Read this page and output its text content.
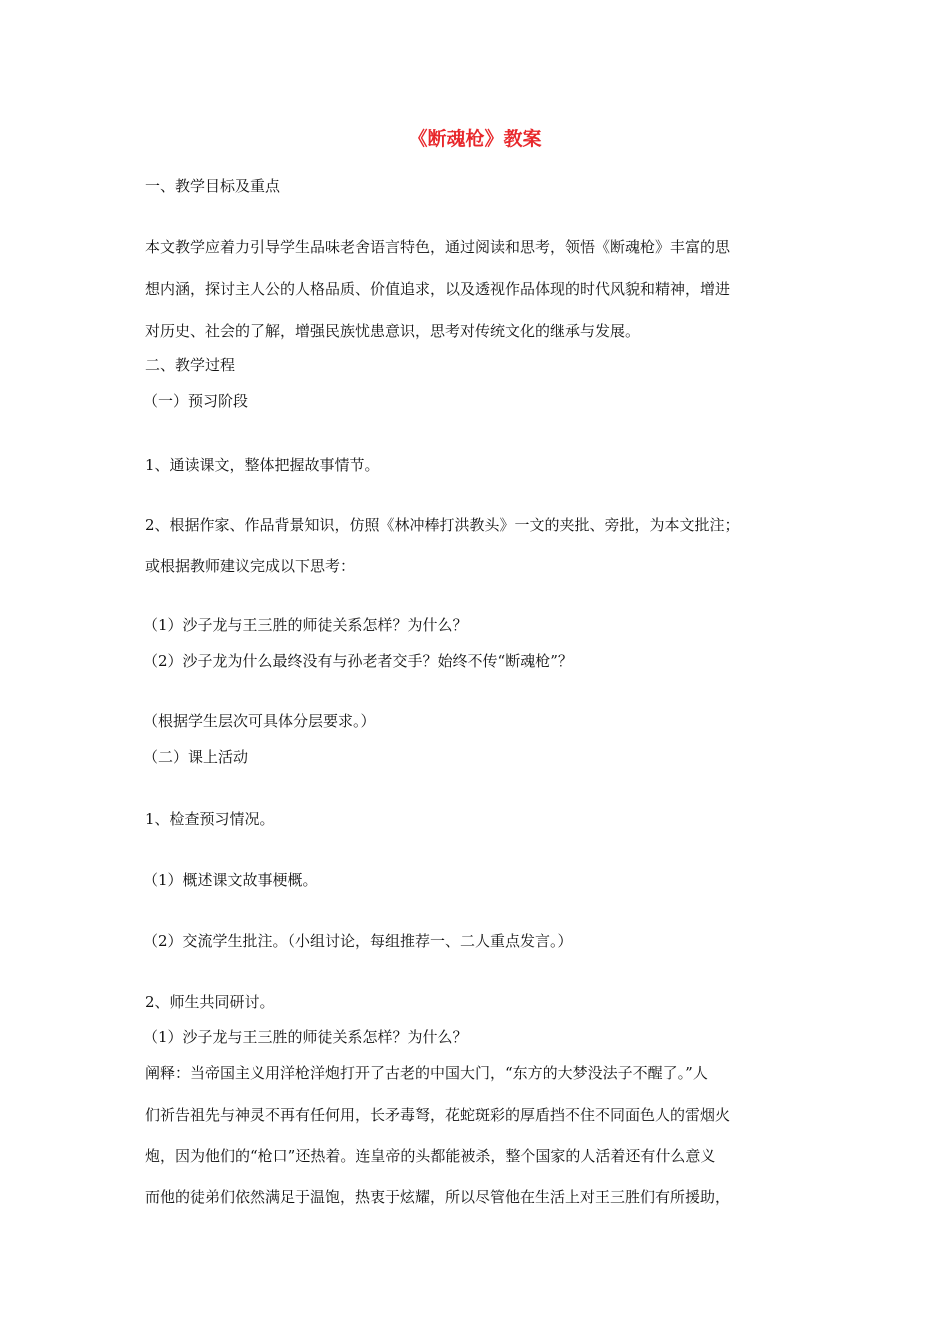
《断魂枪》教案
一、教学目标及重点
本文教学应着力引导学生品味老舍语言特色，通过阅读和思考，领悟《断魂枪》丰富的思
想内涵，探讨主人公的人格品质、价值追求，以及透视作品体现的时代风貌和精神，增进
对历史、社会的了解，增强民族忧患意识，思考对传统文化的继承与发展。
二、教学过程
（一）预习阶段
1、通读课文，整体把握故事情节。
2、根据作家、作品背景知识，仿照《林冲棒打洪教头》一文的夹批、旁批，为本文批注；
或根据教师建议完成以下思考：
（1）沙子龙与王三胜的师徒关系怎样？为什么？
（2）沙子龙为什么最终没有与孙老者交手？始终不传“断魂枪”？
（根据学生层次可具体分层要求。）
（二）课上活动
1、检查预习情况。
（1）概述课文故事梗概。
（2）交流学生批注。（小组讨论，每组推荐一、二人重点发言。）
2、师生共同研讨。
（1）沙子龙与王三胜的师徒关系怎样？为什么？
阐释：当帝国主义用洋枪洋炮打开了古老的中国大门，“东方的大梦没法子不醒了。”人
们祈告祖先与神灵不再有任何用，长矛毒弩，花蛇斑彩的厚盾挡不住不同面色人的雷烟火
炮，因为他们的“枪口”还热着。连皇帝的头都能被杀，整个国家的人活着还有什么意义
而他的徒弟们依然满足于温饱，热衷于炫耀，所以尽管他在生活上对王三胜们有所援助，
